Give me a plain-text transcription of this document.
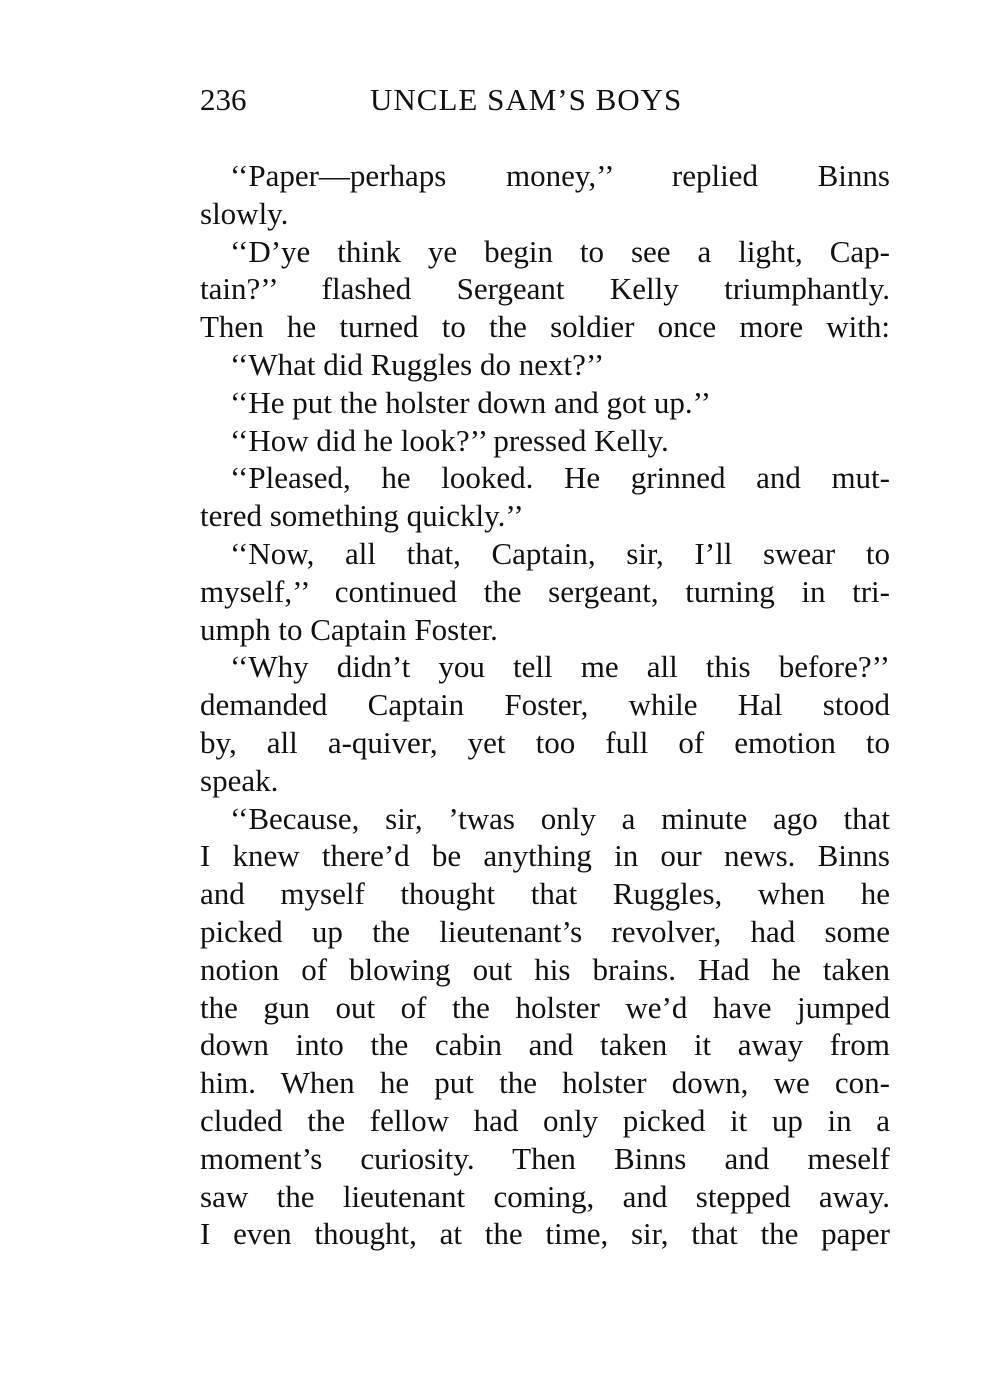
236	UNCLE SAM’S BOYS
‘‘Paper—perhaps money,’’ replied Binns
slowly.
‘‘D’ye think ye begin to see a light, Cap-
tain?’’ flashed Sergeant Kelly triumphantly.
Then he turned to the soldier once more with:
‘‘What did Ruggles do next?’’
‘‘He put the holster down and got up.’’
‘‘How did he look?’’ pressed Kelly.
‘‘Pleased, he looked. He grinned and mut-
tered something quickly.’’
‘‘Now, all that, Captain, sir, I’ll swear to
myself,’’ continued the sergeant, turning in tri-
umph to Captain Foster.
‘‘Why didn’t you tell me all this before?’’
demanded Captain Foster, while Hal stood
by, all a-quiver, yet too full of emotion to
speak.
‘‘Because, sir, ’twas only a minute ago that
I knew there’d be anything in our news. Binns
and myself thought that Ruggles, when he
picked up the lieutenant’s revolver, had some
notion of blowing out his brains. Had he taken
the gun out of the holster we’d have jumped
down into the cabin and taken it away from
him. When he put the holster down, we con-
cluded the fellow had only picked it up in a
moment’s curiosity. Then Binns and meself
saw the lieutenant coming, and stepped away.
I even thought, at the time, sir, that the paper
